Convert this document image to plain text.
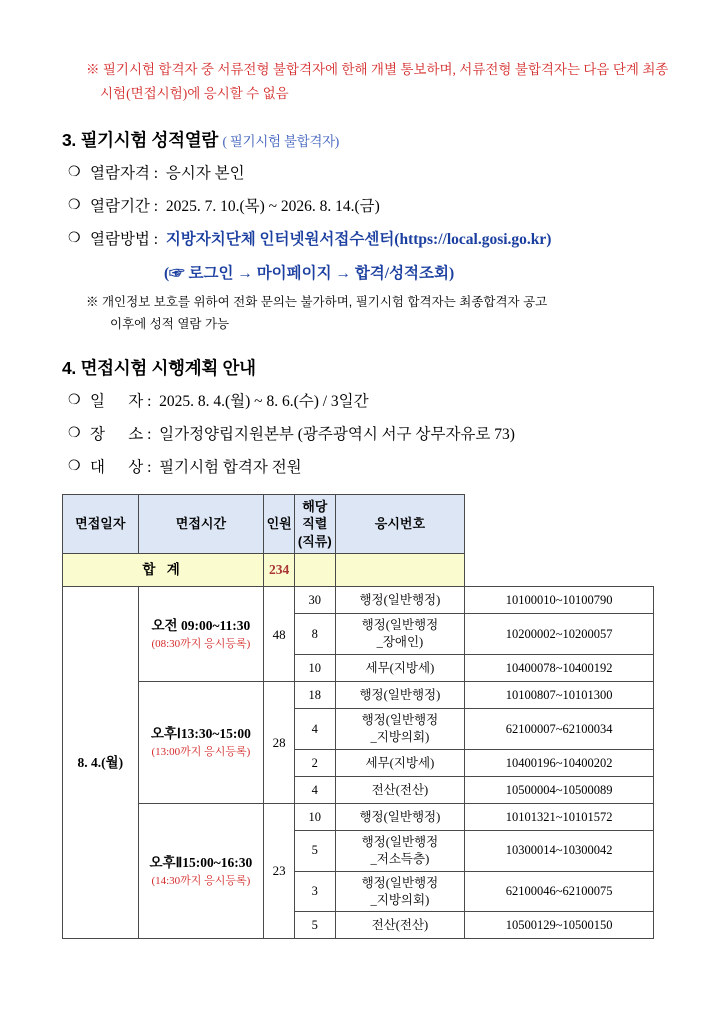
※ 필기시험 합격자 중 서류전형 불합격자에 한해 개별 통보하며, 서류전형 불합격자는 다음 단계 최종시험(면접시험)에 응시할 수 없음

3. 필기시험 성적열람 ( 필기시험 불합격자)
❍ 열람자격 :  응시자 본인
❍ 열람기간 :  2025. 7. 10.(목) ~ 2026. 8. 14.(금)
❍ 열람방법 :  지방자치단체 인터넷원서접수센터(https://local.gosi.go.kr)
(☞ 로그인 → 마이페이지 → 합격/성적조회)

※ 개인정보 보호를 위하여 전화 문의는 불가하며, 필기시험 합격자는 최종합격자 공고
이후에 성적 열람 가능

4. 면접시험 시행계획 안내
❍ 일      자 :  2025. 8. 4.(월) ~ 8. 6.(수) / 3일간
❍ 장      소 :  일가정양립지원본부 (광주광역시 서구 상무자유로 73)
❍ 대      상 :  필기시험 합격자 전원
면접일자	면접시간	인원	해당직렬(직류)	응시번호	
합 계		234			
8. 4.(월)	오전 09:00~11:30
(08:30까지 응시등록)	48	30	행정(일반행정)	10100010~10100790
			8	행정(일반행정
_장애인)	10200002~10200057
			10	세무(지방세)	10400078~10400192
	오후Ⅰ13:30~15:00
(13:00까지 응시등록)	28	18	행정(일반행정)	10100807~10101300
			4	행정(일반행정
_지방의회)	62100007~62100034
			2	세무(지방세)	10400196~10400202
			4	전산(전산)	10500004~10500089
	오후Ⅱ15:00~16:30
(14:30까지 응시등록)	23	10	행정(일반행정)	10101321~10101572
			5	행정(일반행정
_저소득층)	10300014~10300042
			3	행정(일반행정
_지방의회)	62100046~62100075
			5	전산(전산)	10500129~10500150
